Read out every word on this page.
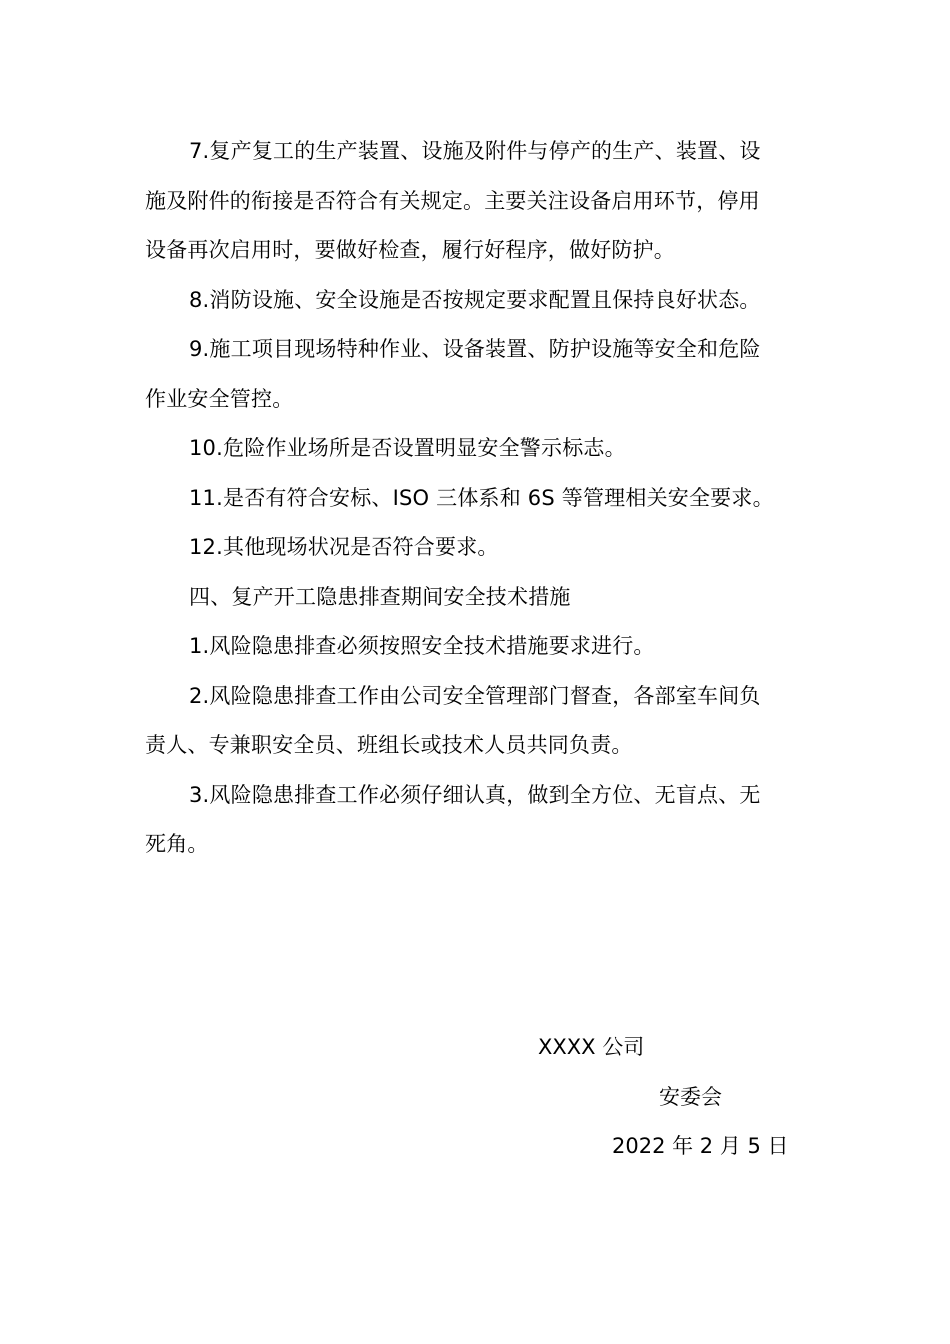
7.复产复工的生产装置、设施及附件与停产的生产、装置、设
施及附件的衔接是否符合有关规定。主要关注设备启用环节，停用
设备再次启用时，要做好检查，履行好程序，做好防护。

8.消防设施、安全设施是否按规定要求配置且保持良好状态。

9.施工项目现场特种作业、设备装置、防护设施等安全和危险
作业安全管控。

10.危险作业场所是否设置明显安全警示标志。

11.是否有符合安标、ISO 三体系和 6S 等管理相关安全要求。

12.其他现场状况是否符合要求。

四、复产开工隐患排查期间安全技术措施

1.风险隐患排查必须按照安全技术措施要求进行。

2.风险隐患排查工作由公司安全管理部门督查，各部室车间负
责人、专兼职安全员、班组长或技术人员共同负责。

3.风险隐患排查工作必须仔细认真，做到全方位、无盲点、无
死角。

XXXX 公司
安委会
2022 年 2 月 5 日
